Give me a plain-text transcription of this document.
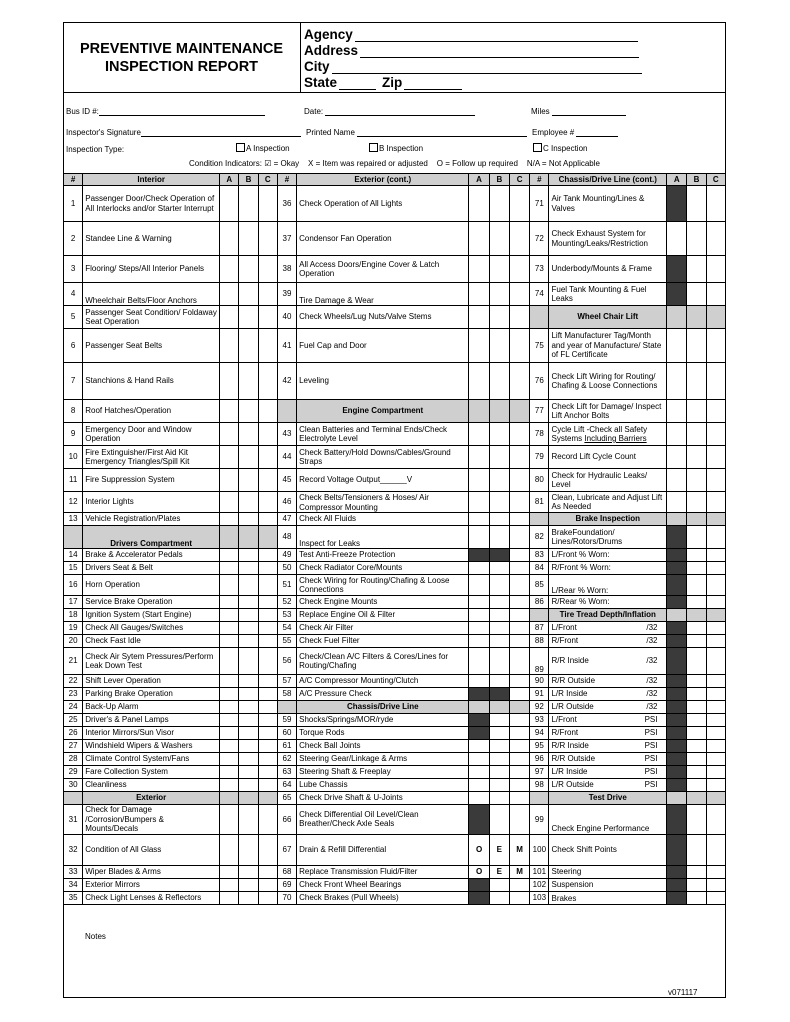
PREVENTIVE MAINTENANCE
INSPECTION REPORT
Agency
Address
City
State	Zip
Bus ID #:	Date:	Miles
Inspector's Signature	Printed Name	Employee #
Inspection Type:	A Inspection	B Inspection	C Inspection
Condition Indicators: ☑ = Okay    X = Item was repaired or adjusted    O = Follow up required    N/A = Not Applicable
#	Interior	A	B	C	#	Exterior (cont.)	A	B	C	#	Chassis/Drive Line (cont.)	A	B	C
1	Passenger Door/Check Operation of All Interlocks and/or Starter Interrupt				36	Check Operation of All Lights				71	Air Tank Mounting/Lines & Valves			
2	Standee Line & Warning				37	Condensor Fan Operation				72	Check Exhaust System for Mounting/Leaks/Restriction			
3	Flooring/ Steps/All Interior Panels				38	All Access Doors/Engine Cover & Latch Operation				73	Underbody/Mounts & Frame			
4	Wheelchair Belts/Floor Anchors				39	Tire Damage & Wear				74	Fuel Tank Mounting & Fuel Leaks			
5	Passenger Seat Condition/ Foldaway Seat Operation				40	Check Wheels/Lug Nuts/Valve Stems					Wheel Chair Lift			
6	Passenger Seat Belts				41	Fuel Cap and Door				75	Lift Manufacturer Tag/Month and year of Manufacture/ State of FL Certificate			
7	Stanchions & Hand Rails				42	Leveling				76	Check Lift Wiring for Routing/ Chafing & Loose Connections			
8	Roof Hatches/Operation					Engine Compartment				77	Check Lift for Damage/ Inspect Lift Anchor Bolts			
9	Emergency Door and Window Operation				43	Clean Batteries and Terminal Ends/Check Electrolyte Level				78	Cycle Lift -Check all Safety Systems Including Barriers			
10	Fire Extinguisher/First Aid Kit Emergency Triangles/Spill Kit				44	Check Battery/Hold Downs/Cables/Ground Straps				79	Record Lift Cycle Count			
11	Fire Suppression System				45	Record Voltage Output______V				80	Check for Hydraulic Leaks/ Level			
12	Interior Lights				46	Check Belts/Tensioners & Hoses/ Air Compressor Mounting				81	Clean, Lubricate and Adjust Lift As Needed			
13	Vehicle Registration/Plates				47	Check All Fluids					Brake Inspection			
	Drivers Compartment				48	Inspect for Leaks				82	BrakeFoundation/ Lines/Rotors/Drums			
14	Brake & Accelerator Pedals				49	Test Anti-Freeze Protection				83	L/Front % Worn:			
15	Drivers Seat & Belt				50	Check Radiator Core/Mounts				84	R/Front % Worn:			
16	Horn Operation				51	Check Wiring for Routing/Chafing & Loose Connections				85	L/Rear % Worn:			
17	Service Brake Operation				52	Check Engine Mounts				86	R/Rear % Worn:			
18	Ignition System (Start Engine)				53	Replace Engine Oil & Filter					Tire Tread Depth/Inflation			
19	Check All Gauges/Switches				54	Check Air Filter				87	L/Front /32			

20	Check Fast Idle				55	Check Fuel Filter				88	R/Front /32			

21	Check Air Sytem Pressures/Perform Leak Down Test				56	Check/Clean A/C Filters & Cores/Lines for Routing/Chafing				89	R/R Inside /32			

22	Shift Lever Operation				57	A/C Compressor Mounting/Clutch				90	R/R Outside /32			

23	Parking Brake Operation				58	A/C Pressure Check				91	L/R Inside /32			

24	Back-Up Alarm					Chassis/Drive Line				92	L/R Outside /32			

25	Driver's & Panel Lamps				59	Shocks/Springs/MOR/ryde				93	L/Front PSI			

26	Interior Mirrors/Sun Visor				60	Torque Rods				94	R/Front PSI			

27	Windshield Wipers & Washers				61	Check Ball Joints				95	R/R Inside PSI			

28	Climate Control System/Fans				62	Steering Gear/Linkage & Arms				96	R/R Outside PSI			

29	Fare Collection System				63	Steering Shaft & Freeplay				97	L/R Inside PSI			

30	Cleanliness				64	Lube Chassis				98	L/R Outside PSI			

	Exterior				65	Check Drive Shaft & U-Joints					Test Drive			
31	Check for Damage /Corrosion/Bumpers & Mounts/Decals				66	Check Differential Oil Level/Clean Breather/Check Axle Seals				99	Check Engine Performance			
32	Condition of All Glass				67	Drain & Refill Differential	O	E	M	100	Check Shift Points			
33	Wiper Blades & Arms				68	Replace Transmission Fluid/Filter	O	E	M	101	Steering			
34	Exterior Mirrors				69	Check Front Wheel Bearings				102	Suspension			
35	Check Light Lenses & Reflectors				70	Check Brakes (Pull Wheels)				103	Brakes			
Notes
v071117
